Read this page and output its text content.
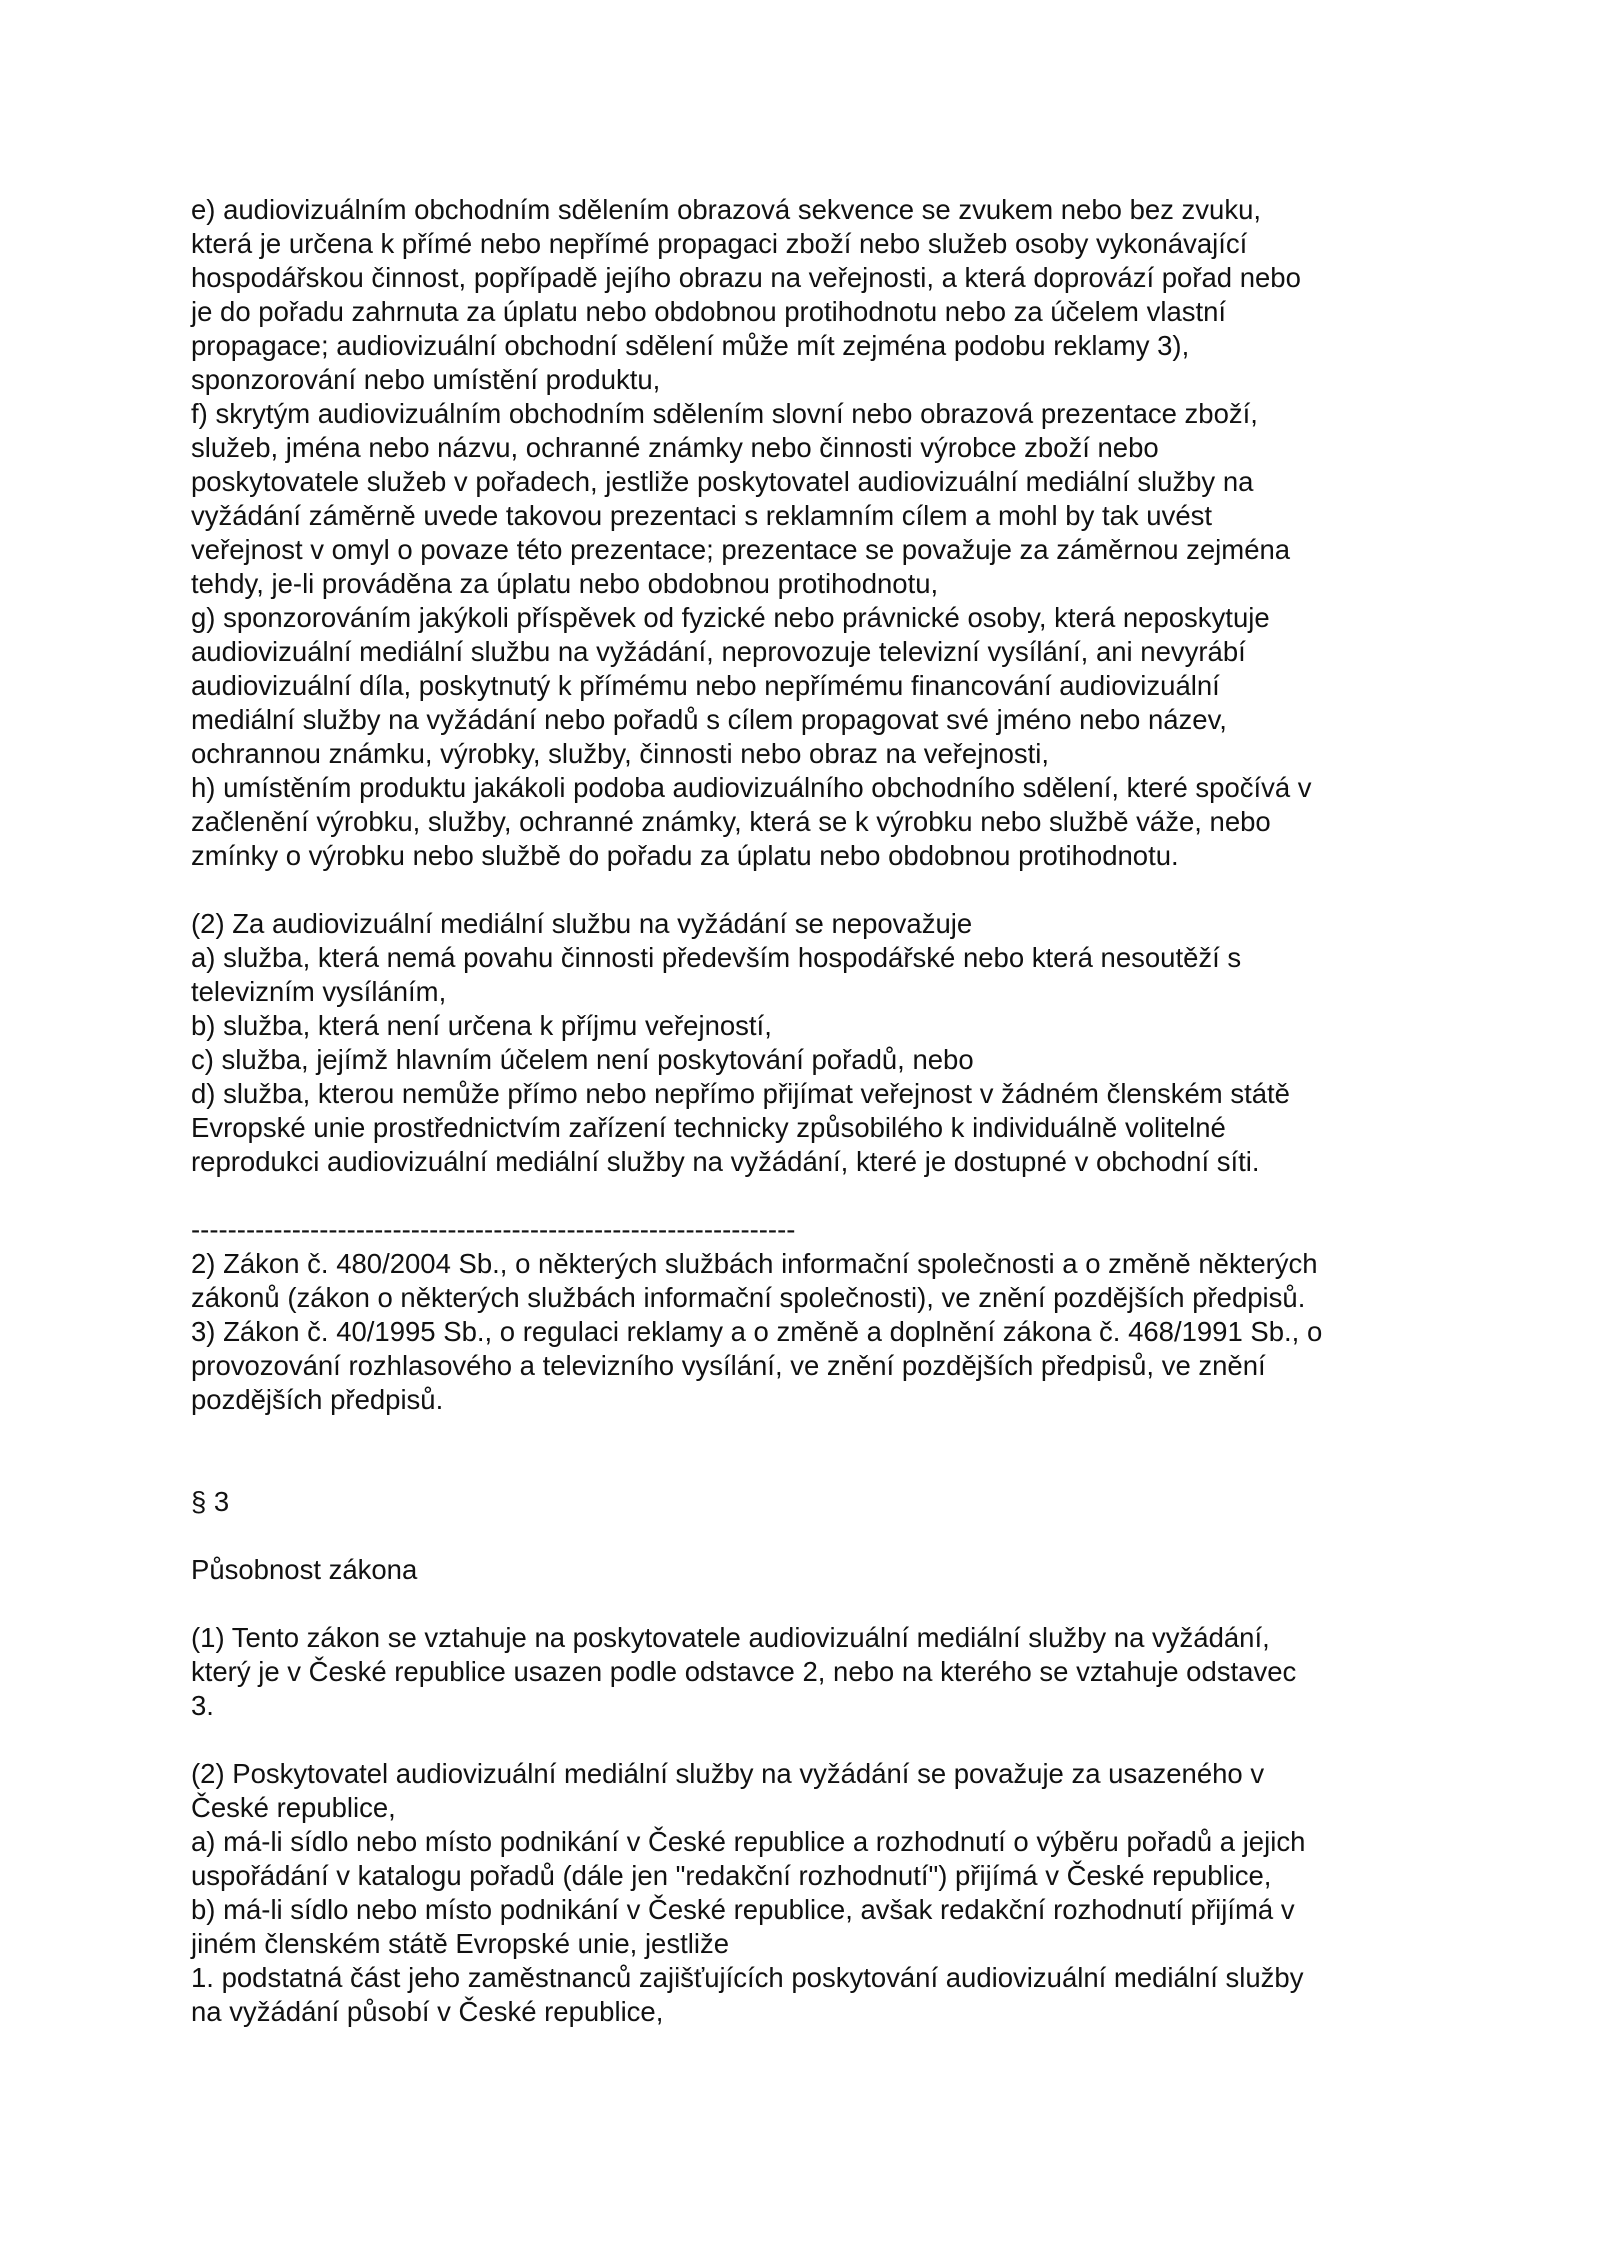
e) audiovizuálním obchodním sdělením obrazová sekvence se zvukem nebo bez zvuku,
která je určena k přímé nebo nepřímé propagaci zboží nebo služeb osoby vykonávající
hospodářskou činnost, popřípadě jejího obrazu na veřejnosti, a která doprovází pořad nebo
je do pořadu zahrnuta za úplatu nebo obdobnou protihodnotu nebo za účelem vlastní
propagace; audiovizuální obchodní sdělení může mít zejména podobu reklamy 3),
sponzorování nebo umístění produktu,
f) skrytým audiovizuálním obchodním sdělením slovní nebo obrazová prezentace zboží,
služeb, jména nebo názvu, ochranné známky nebo činnosti výrobce zboží nebo
poskytovatele služeb v pořadech, jestliže poskytovatel audiovizuální mediální služby na
vyžádání záměrně uvede takovou prezentaci s reklamním cílem a mohl by tak uvést
veřejnost v omyl o povaze této prezentace; prezentace se považuje za záměrnou zejména
tehdy, je-li prováděna za úplatu nebo obdobnou protihodnotu,
g) sponzorováním jakýkoli příspěvek od fyzické nebo právnické osoby, která neposkytuje
audiovizuální mediální službu na vyžádání, neprovozuje televizní vysílání, ani nevyrábí
audiovizuální díla, poskytnutý k přímému nebo nepřímému financování audiovizuální
mediální služby na vyžádání nebo pořadů s cílem propagovat své jméno nebo název,
ochrannou známku, výrobky, služby, činnosti nebo obraz na veřejnosti,
h) umístěním produktu jakákoli podoba audiovizuálního obchodního sdělení, které spočívá v
začlenění výrobku, služby, ochranné známky, která se k výrobku nebo službě váže, nebo
zmínky o výrobku nebo službě do pořadu za úplatu nebo obdobnou protihodnotu.

(2) Za audiovizuální mediální službu na vyžádání se nepovažuje
a) služba, která nemá povahu činnosti především hospodářské nebo která nesoutěží s
televizním vysíláním,
b) služba, která není určena k příjmu veřejností,
c) služba, jejímž hlavním účelem není poskytování pořadů, nebo
d) služba, kterou nemůže přímo nebo nepřímo přijímat veřejnost v žádném členském státě
Evropské unie prostřednictvím zařízení technicky způsobilého k individuálně volitelné
reprodukci audiovizuální mediální služby na vyžádání, které je dostupné v obchodní síti.

------------------------------------------------------------------

2) Zákon č. 480/2004 Sb., o některých službách informační společnosti a o změně některých
zákonů (zákon o některých službách informační společnosti), ve znění pozdějších předpisů.
3) Zákon č. 40/1995 Sb., o regulaci reklamy a o změně a doplnění zákona č. 468/1991 Sb., o
provozování rozhlasového a televizního vysílání, ve znění pozdějších předpisů, ve znění
pozdějších předpisů.

§ 3

Působnost zákona

(1) Tento zákon se vztahuje na poskytovatele audiovizuální mediální služby na vyžádání,
který je v České republice usazen podle odstavce 2, nebo na kterého se vztahuje odstavec
3.

(2) Poskytovatel audiovizuální mediální služby na vyžádání se považuje za usazeného v
České republice,
a) má-li sídlo nebo místo podnikání v České republice a rozhodnutí o výběru pořadů a jejich
uspořádání v katalogu pořadů (dále jen "redakční rozhodnutí") přijímá v České republice,
b) má-li sídlo nebo místo podnikání v České republice, avšak redakční rozhodnutí přijímá v
jiném členském státě Evropské unie, jestliže
1. podstatná část jeho zaměstnanců zajišťujících poskytování audiovizuální mediální služby
na vyžádání působí v České republice,
